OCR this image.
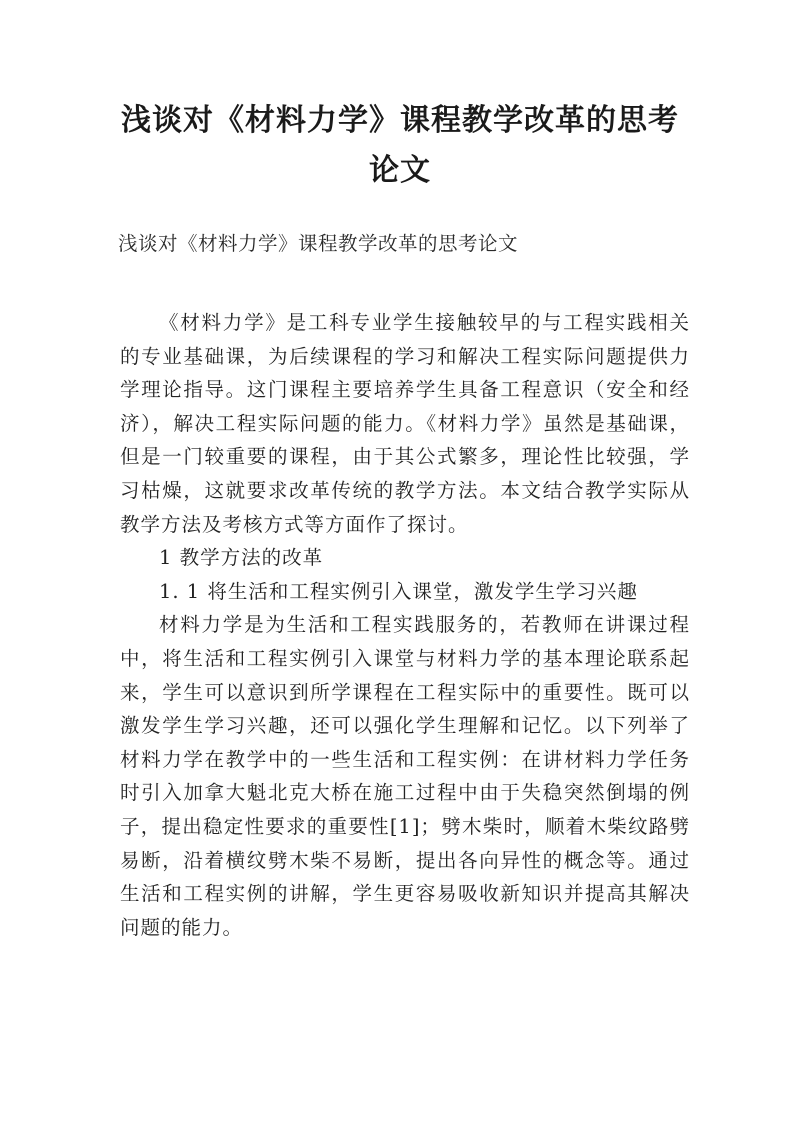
浅谈对《材料力学》课程教学改革的思考论文

浅谈对《材料力学》课程教学改革的思考论文

《材料力学》是工科专业学生接触较早的与工程实践相关的专业基础课，为后续课程的学习和解决工程实际问题提供力学理论指导。这门课程主要培养学生具备工程意识（安全和经济），解决工程实际问题的能力。《材料力学》虽然是基础课，但是一门较重要的课程，由于其公式繁多，理论性比较强，学习枯燥，这就要求改革传统的教学方法。本文结合教学实际从教学方法及考核方式等方面作了探讨。

1 教学方法的改革

1. 1 将生活和工程实例引入课堂，激发学生学习兴趣

材料力学是为生活和工程实践服务的，若教师在讲课过程中，将生活和工程实例引入课堂与材料力学的基本理论联系起来，学生可以意识到所学课程在工程实际中的重要性。既可以激发学生学习兴趣，还可以强化学生理解和记忆。以下列举了材料力学在教学中的一些生活和工程实例：在讲材料力学任务时引入加拿大魁北克大桥在施工过程中由于失稳突然倒塌的例子，提出稳定性要求的重要性[1]；劈木柴时，顺着木柴纹路劈易断，沿着横纹劈木柴不易断，提出各向异性的概念等。通过生活和工程实例的讲解，学生更容易吸收新知识并提高其解决问题的能力。
